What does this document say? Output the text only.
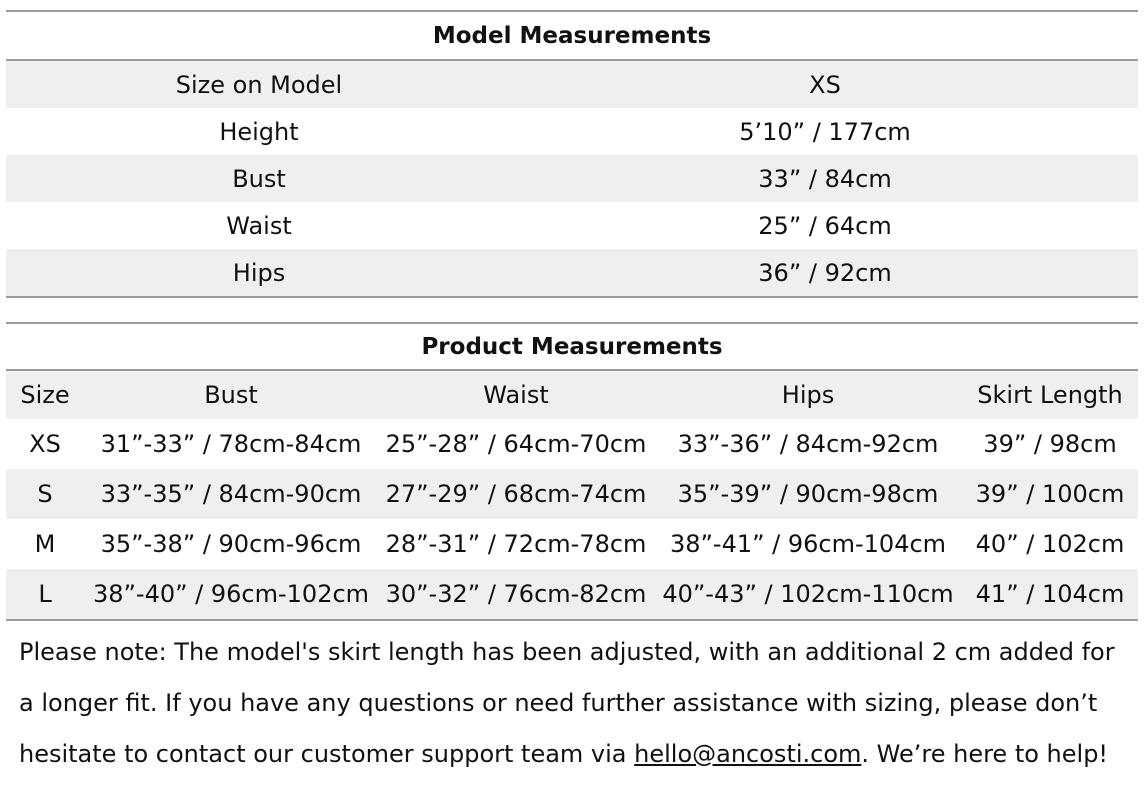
Model Measurements	
Size on Model	XS
Height	5’10” / 177cm
Bust	33” / 84cm
Waist	25” / 64cm
Hips	36” / 92cm
Product Measurements				
Size	Bust	Waist	Hips	Skirt Length
XS	31”-33” / 78cm-84cm	25”-28” / 64cm-70cm	33”-36” / 84cm-92cm	39” / 98cm
S	33”-35” / 84cm-90cm	27”-29” / 68cm-74cm	35”-39” / 90cm-98cm	39” / 100cm
M	35”-38” / 90cm-96cm	28”-31” / 72cm-78cm	38”-41” / 96cm-104cm	40” / 102cm
L	38”-40” / 96cm-102cm	30”-32” / 76cm-82cm	40”-43” / 102cm-110cm	41” / 104cm

Please note: The model's skirt length has been adjusted, with an additional 2 cm added for a longer fit. If you have any questions or need further assistance with sizing, please don’t hesitate to contact our customer support team via hello@ancosti.com. We’re here to help!
